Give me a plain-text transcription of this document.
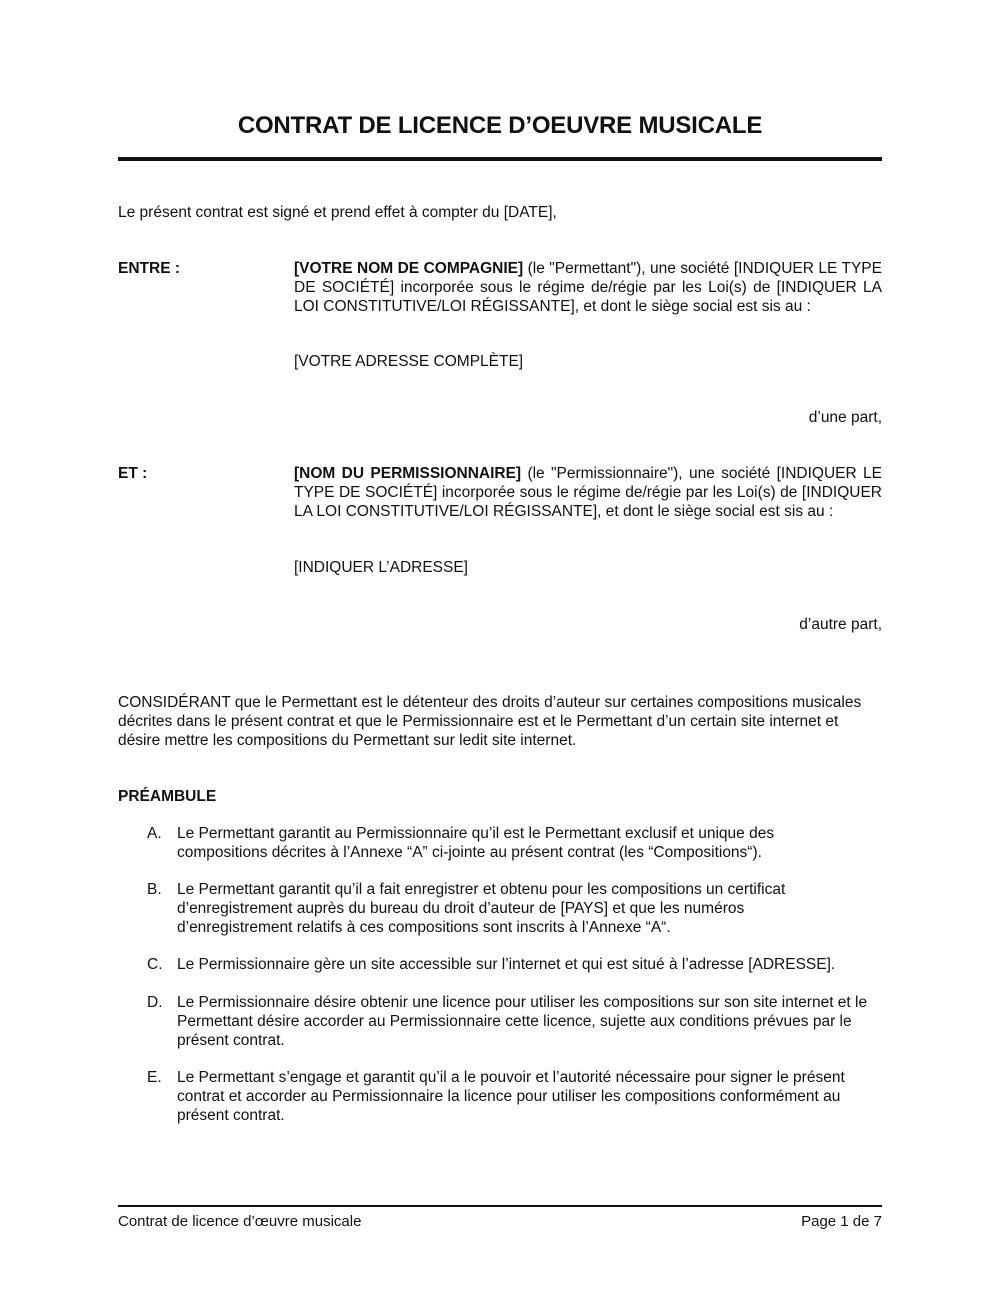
CONTRAT DE LICENCE D’OEUVRE MUSICALE
Le présent contrat est signé et prend effet à compter du [DATE],
ENTRE :	[VOTRE NOM DE COMPAGNIE] (le "Permettant"), une société [INDIQUER LE TYPE DE SOCIÉTÉ] incorporée sous le régime de/régie par les Loi(s) de [INDIQUER LA LOI CONSTITUTIVE/LOI RÉGISSANTE], et dont le siège social est sis au :
[VOTRE ADRESSE COMPLÈTE]
d’une part,
ET :	[NOM DU PERMISSIONNAIRE] (le "Permissionnaire"), une société [INDIQUER LE TYPE DE SOCIÉTÉ] incorporée sous le régime de/régie par les Loi(s) de [INDIQUER LA LOI CONSTITUTIVE/LOI RÉGISSANTE], et dont le siège social est sis au :
[INDIQUER L’ADRESSE]
d’autre part,
CONSIDÉRANT que le Permettant est le détenteur des droits d’auteur sur certaines compositions musicales décrites dans le présent contrat et que le Permissionnaire est et le Permettant d’un certain site internet et désire mettre les compositions du Permettant sur ledit site internet.
PRÉAMBULE
A. Le Permettant garantit au Permissionnaire qu’il est le Permettant exclusif et unique des compositions décrites à l’Annexe “A” ci-jointe au présent contrat (les “Compositions“).
B. Le Permettant garantit qu’il a fait enregistrer et obtenu pour les compositions un certificat d’enregistrement auprès du bureau du droit d’auteur de [PAYS] et que les numéros d’enregistrement relatifs à ces compositions sont inscrits à l’Annexe “A“.
C. Le Permissionnaire gère un site accessible sur l’internet et qui est situé à l’adresse [ADRESSE].
D. Le Permissionnaire désire obtenir une licence pour utiliser les compositions sur son site internet et le Permettant désire accorder au Permissionnaire cette licence, sujette aux conditions prévues par le présent contrat.
E. Le Permettant s’engage et garantit qu’il a le pouvoir et l’autorité nécessaire pour signer le présent contrat et accorder au Permissionnaire la licence pour utiliser les compositions conformément au présent contrat.
Contrat de licence d’œuvre musicale	Page 1 de 7
